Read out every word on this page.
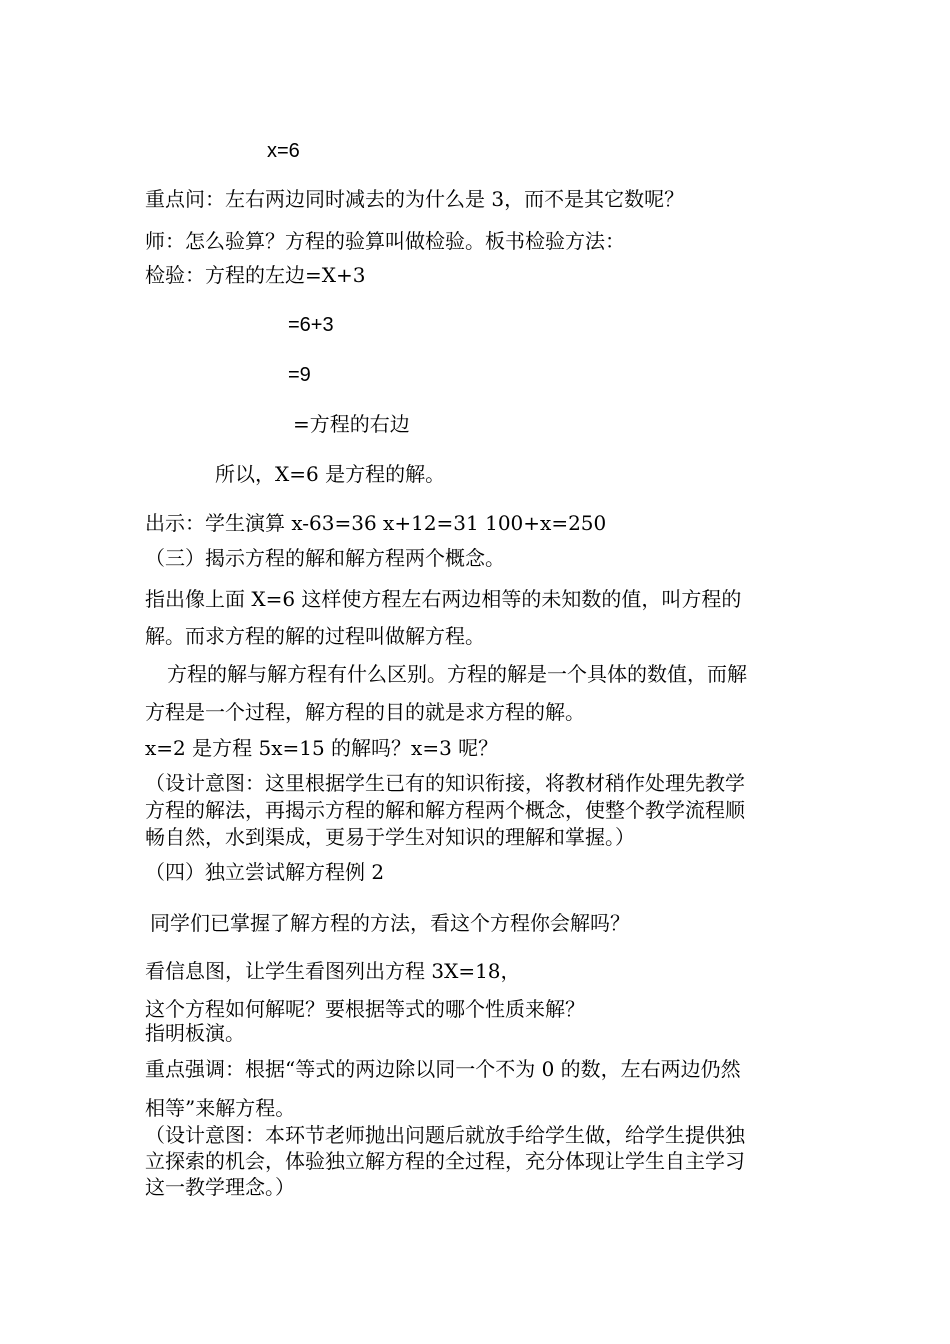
x=6

重点问：左右两边同时减去的为什么是 3，而不是其它数呢？

师：怎么验算？方程的验算叫做检验。板书检验方法：

检验：方程的左边=X+3

=6+3

=9

=方程的右边

所以，X=6 是方程的解。

出示：学生演算 x-63=36 x+12=31 100+x=250

（三）揭示方程的解和解方程两个概念。

指出像上面 X=6 这样使方程左右两边相等的未知数的值，叫方程的

解。而求方程的解的过程叫做解方程。

方程的解与解方程有什么区别。方程的解是一个具体的数值，而解

方程是一个过程，解方程的目的就是求方程的解。

x=2 是方程 5x=15 的解吗？x=3 呢？

（设计意图：这里根据学生已有的知识衔接，将教材稍作处理先教学

方程的解法，再揭示方程的解和解方程两个概念，使整个教学流程顺

畅自然，水到渠成，更易于学生对知识的理解和掌握。）

（四）独立尝试解方程例 2

同学们已掌握了解方程的方法，看这个方程你会解吗？

看信息图，让学生看图列出方程 3X=18，

这个方程如何解呢？要根据等式的哪个性质来解？

指明板演。

重点强调：根据“等式的两边除以同一个不为 0 的数，左右两边仍然

相等”来解方程。

（设计意图：本环节老师抛出问题后就放手给学生做，给学生提供独

立探索的机会，体验独立解方程的全过程，充分体现让学生自主学习

这一教学理念。）
